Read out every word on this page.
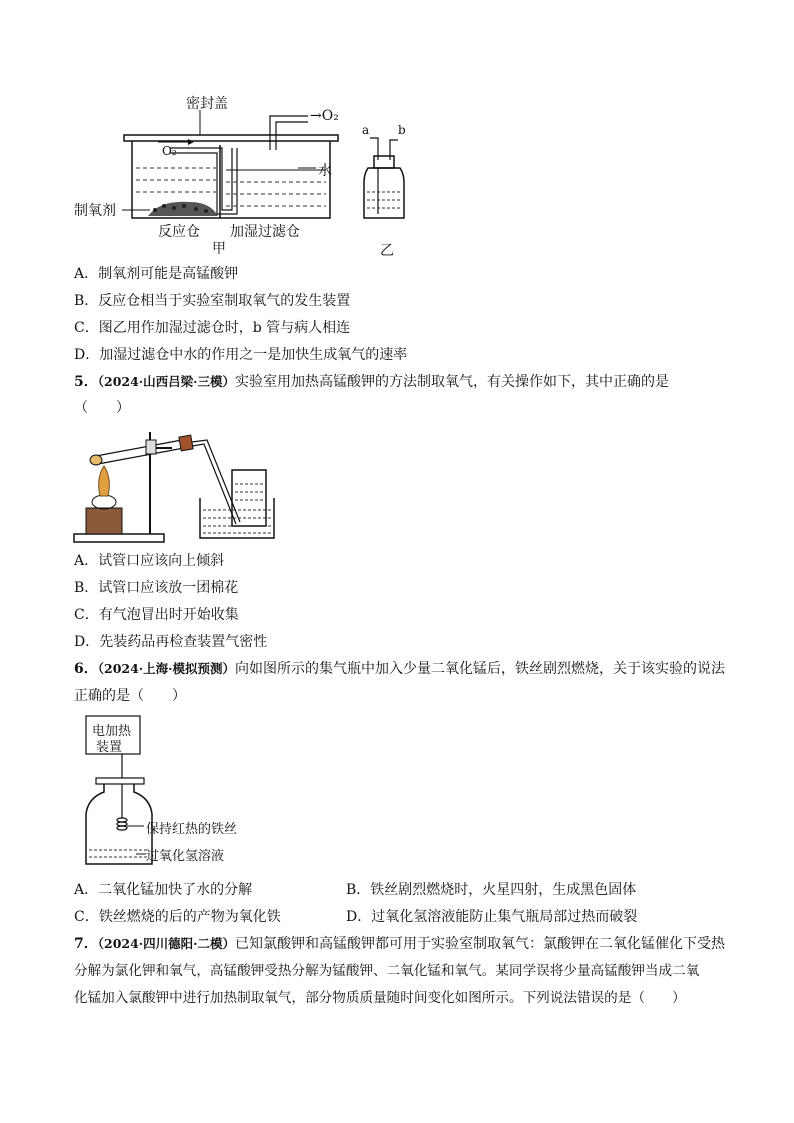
密封盖
→O₂
O₂
水
制氧剂
反应仓 加湿过滤仓
甲
a b
乙
A．制氧剂可能是高锰酸钾
B．反应仓相当于实验室制取氧气的发生装置
C．图乙用作加湿过滤仓时，b 管与病人相连
D．加湿过滤仓中水的作用之一是加快生成氧气的速率
5．（2024·山西吕梁·三模）实验室用加热高锰酸钾的方法制取氧气，有关操作如下，其中正确的是
（　　）
A．试管口应该向上倾斜
B．试管口应该放一团棉花
C．有气泡冒出时开始收集
D．先装药品再检查装置气密性
6．（2024·上海·模拟预测）向如图所示的集气瓶中加入少量二氧化锰后，铁丝剧烈燃烧，关于该实验的说法
正确的是（　　）
电加热
装置
保持红热的铁丝
过氧化氢溶液
A．二氧化锰加快了水的分解	B．铁丝剧烈燃烧时，火星四射，生成黑色固体
C．铁丝燃烧的后的产物为氧化铁	D．过氧化氢溶液能防止集气瓶局部过热而破裂
7．（2024·四川德阳·二模）已知氯酸钾和高锰酸钾都可用于实验室制取氧气：氯酸钾在二氧化锰催化下受热
分解为氯化钾和氧气，高锰酸钾受热分解为锰酸钾、二氧化锰和氧气。某同学误将少量高锰酸钾当成二氧
化锰加入氯酸钾中进行加热制取氧气，部分物质质量随时间变化如图所示。下列说法错误的是（　　）
